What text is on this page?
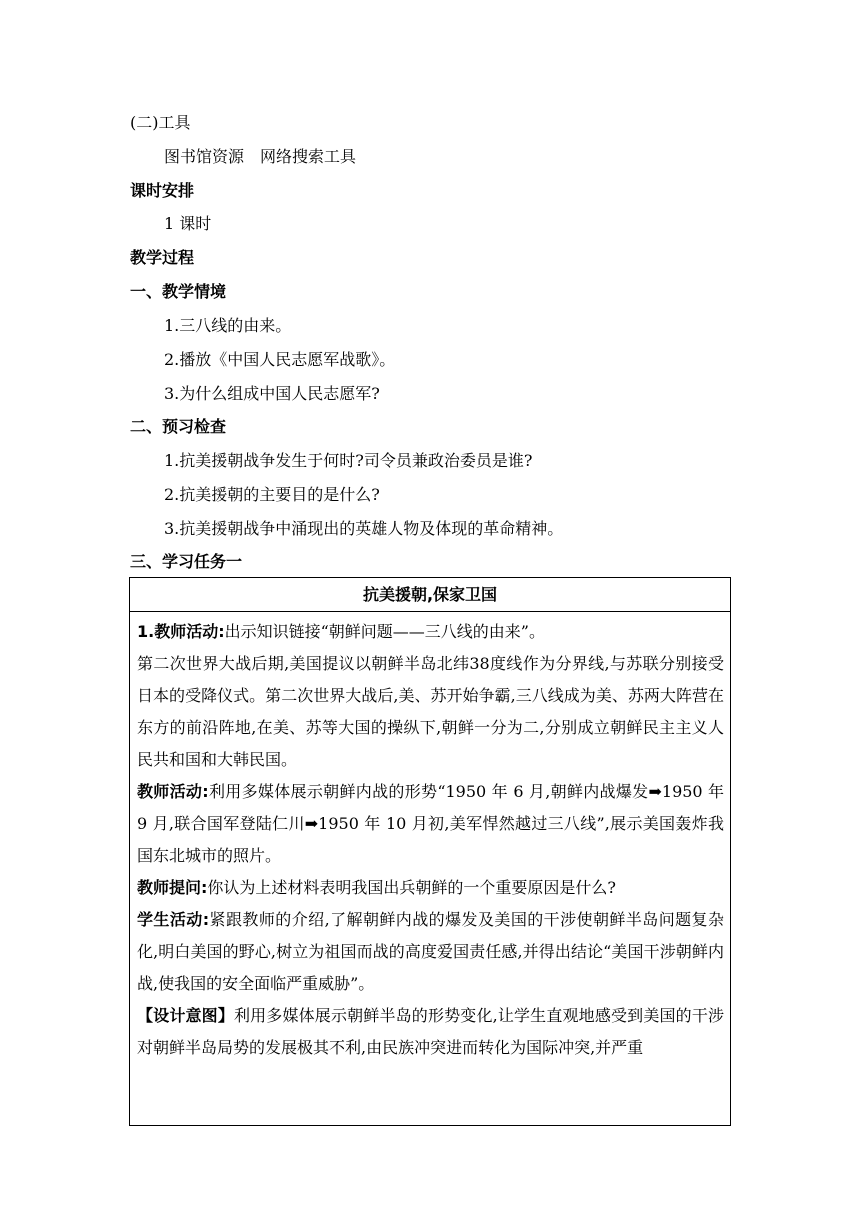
(二)工具
图书馆资源　网络搜索工具
课时安排
1 课时
教学过程
一、教学情境
1.三八线的由来。
2.播放《中国人民志愿军战歌》。
3.为什么组成中国人民志愿军?
二、预习检查
1.抗美援朝战争发生于何时?司令员兼政治委员是谁?
2.抗美援朝的主要目的是什么?
3.抗美援朝战争中涌现出的英雄人物及体现的革命精神。
三、学习任务一
抗美援朝,保家卫国

1.教师活动:出示知识链接“朝鲜问题——三八线的由来”。

第二次世界大战后期,美国提议以朝鲜半岛北纬38度线作为分界线,与苏联分别接受日本的受降仪式。第二次世界大战后,美、苏开始争霸,三八线成为美、苏两大阵营在东方的前沿阵地,在美、苏等大国的操纵下,朝鲜一分为二,分别成立朝鲜民主主义人民共和国和大韩民国。

教师活动:利用多媒体展示朝鲜内战的形势“1950 年 6 月,朝鲜内战爆发➡1950 年 9 月,联合国军登陆仁川➡1950 年 10 月初,美军悍然越过三八线”,展示美国轰炸我国东北城市的照片。

教师提问:你认为上述材料表明我国出兵朝鲜的一个重要原因是什么?

学生活动:紧跟教师的介绍,了解朝鲜内战的爆发及美国的干涉使朝鲜半岛问题复杂化,明白美国的野心,树立为祖国而战的高度爱国责任感,并得出结论“美国干涉朝鲜内战,使我国的安全面临严重威胁”。

【设计意图】利用多媒体展示朝鲜半岛的形势变化,让学生直观地感受到美国的干涉对朝鲜半岛局势的发展极其不利,由民族冲突进而转化为国际冲突,并严重
